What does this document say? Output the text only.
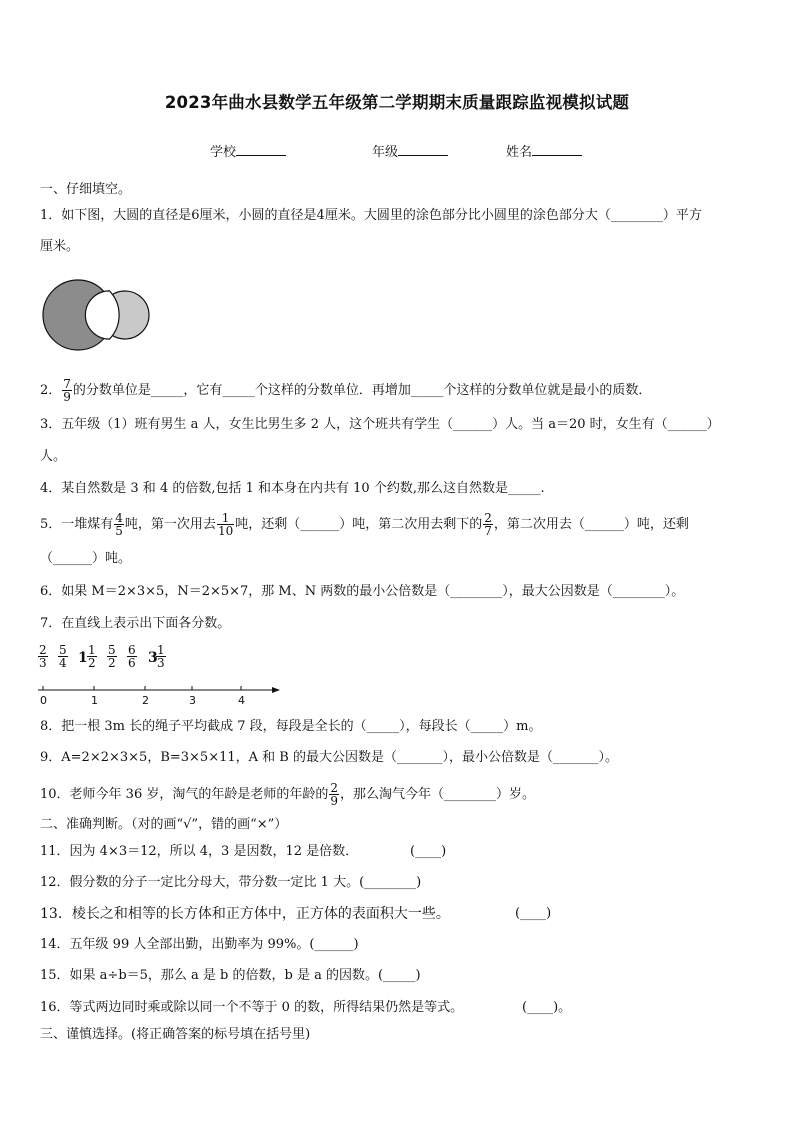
2023年曲水县数学五年级第二学期期末质量跟踪监视模拟试题
学校	年级	姓名
一、仔细填空。
1．如下图，大圆的直径是6厘米，小圆的直径是4厘米。大圆里的涂色部分比小圆里的涂色部分大（________）平方
厘米。
2． $\frac{7}{9}$ 的分数单位是_____，它有_____个这样的分数单位．再增加_____个这样的分数单位就是最小的质数．
3．五年级（1）班有男生 a 人，女生比男生多 2 人，这个班共有学生（______）人。当 a＝20 时，女生有（______）
人。
4．某自然数是 3 和 4 的倍数,包括 1 和本身在内共有 10 个约数,那么这自然数是_____.
5．一堆煤有 $\frac{4}{5}$ 吨，第一次用去 $\frac{1}{10}$ 吨，还剩（______）吨，第二次用去剩下的 $\frac{2}{7}$ ，第二次用去（______）吨，还剩
（______）吨。
6．如果 M＝2×3×5，N＝2×5×7，那 M、N 两数的最小公倍数是（________），最大公因数是（________）。
7．在直线上表示出下面各分数。
$\frac{2}{3} \frac{5}{4} 1 \frac{1}{2} \frac{5}{2} \frac{6}{6} 3$
$\frac{1}{3}$
0	1	2	3	4
8．把一根 3m 长的绳子平均截成 7 段，每段是全长的（_____），每段长（_____）m。
9．A=2×2×3×5，B=3×5×11，A 和 B 的最大公因数是（_______），最小公倍数是（_______）。
10．老师今年 36 岁，淘气的年龄是老师的年龄的 $\frac{2}{9}$ ，那么淘气今年（________）岁。
二、准确判断。（对的画“√”，错的画“×”）
11．因为 4×3＝12，所以 4，3 是因数，12 是倍数．	(____)
12．假分数的分子一定比分母大，带分数一定比 1 大。(________)
13．棱长之和相等的长方体和正方体中，正方体的表面积大一些。	(____)
14．五年级 99 人全部出勤，出勤率为 99%。(______)
15．如果 a÷b＝5，那么 a 是 b 的倍数，b 是 a 的因数。(_____)
16．等式两边同时乘或除以同一个不等于 0 的数，所得结果仍然是等式。	(____)。
三、谨慎选择。(将正确答案的标号填在括号里)
